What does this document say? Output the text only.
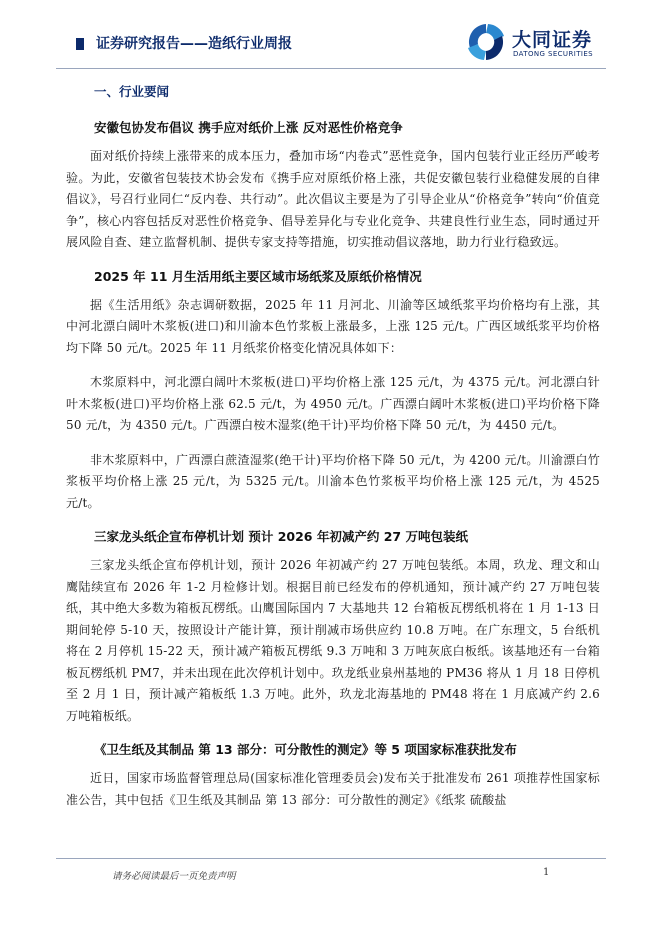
证券研究报告——造纸行业周报	大同证券
DATONG SECURITIES
一、行业要闻
安徽包协发布倡议 携手应对纸价上涨 反对恶性价格竞争

面对纸价持续上涨带来的成本压力，叠加市场“内卷式”恶性竞争，国内包装行业正经历严峻考验。为此，安徽省包装技术协会发布《携手应对原纸价格上涨，共促安徽包装行业稳健发展的自律倡议》，号召行业同仁“反内卷、共行动”。此次倡议主要是为了引导企业从“价格竞争”转向“价值竞争”，核心内容包括反对恶性价格竞争、倡导差异化与专业化竞争、共建良性行业生态，同时通过开展风险自查、建立监督机制、提供专家支持等措施，切实推动倡议落地，助力行业行稳致远。

2025 年 11 月生活用纸主要区域市场纸浆及原纸价格情况

据《生活用纸》杂志调研数据，2025 年 11 月河北、川渝等区域纸浆平均价格均有上涨，其中河北漂白阔叶木浆板(进口)和川渝本色竹浆板上涨最多，上涨 125 元/t。广西区域纸浆平均价格均下降 50 元/t。2025 年 11 月纸浆价格变化情况具体如下：

木浆原料中，河北漂白阔叶木浆板(进口)平均价格上涨 125 元/t，为 4375 元/t。河北漂白针叶木浆板(进口)平均价格上涨 62.5 元/t，为 4950 元/t。广西漂白阔叶木浆板(进口)平均价格下降 50 元/t，为 4350 元/t。广西漂白桉木湿浆(绝干计)平均价格下降 50 元/t，为 4450 元/t。

非木浆原料中，广西漂白蔗渣湿浆(绝干计)平均价格下降 50 元/t，为 4200 元/t。川渝漂白竹浆板平均价格上涨 25 元/t，为 5325 元/t。川渝本色竹浆板平均价格上涨 125 元/t，为 4525 元/t。

三家龙头纸企宣布停机计划 预计 2026 年初减产约 27 万吨包装纸

三家龙头纸企宣布停机计划，预计 2026 年初减产约 27 万吨包装纸。本周，玖龙、理文和山鹰陆续宣布 2026 年 1-2 月检修计划。根据目前已经发布的停机通知，预计减产约 27 万吨包装纸，其中绝大多数为箱板瓦楞纸。山鹰国际国内 7 大基地共 12 台箱板瓦楞纸机将在 1 月 1-13 日期间轮停 5-10 天，按照设计产能计算，预计削减市场供应约 10.8 万吨。在广东理文，5 台纸机将在 2 月停机 15-22 天，预计减产箱板瓦楞纸 9.3 万吨和 3 万吨灰底白板纸。该基地还有一台箱板瓦楞纸机 PM7，并未出现在此次停机计划中。玖龙纸业泉州基地的 PM36 将从 1 月 18 日停机至 2 月 1 日，预计减产箱板纸 1.3 万吨。此外，玖龙北海基地的 PM48 将在 1 月底减产约 2.6 万吨箱板纸。

《卫生纸及其制品 第 13 部分：可分散性的测定》等 5 项国家标准获批发布

近日，国家市场监督管理总局(国家标准化管理委员会)发布关于批准发布 261 项推荐性国家标准公告，其中包括《卫生纸及其制品 第 13 部分：可分散性的测定》《纸浆 硫酸盐

请务必阅读最后一页免责声明	1
